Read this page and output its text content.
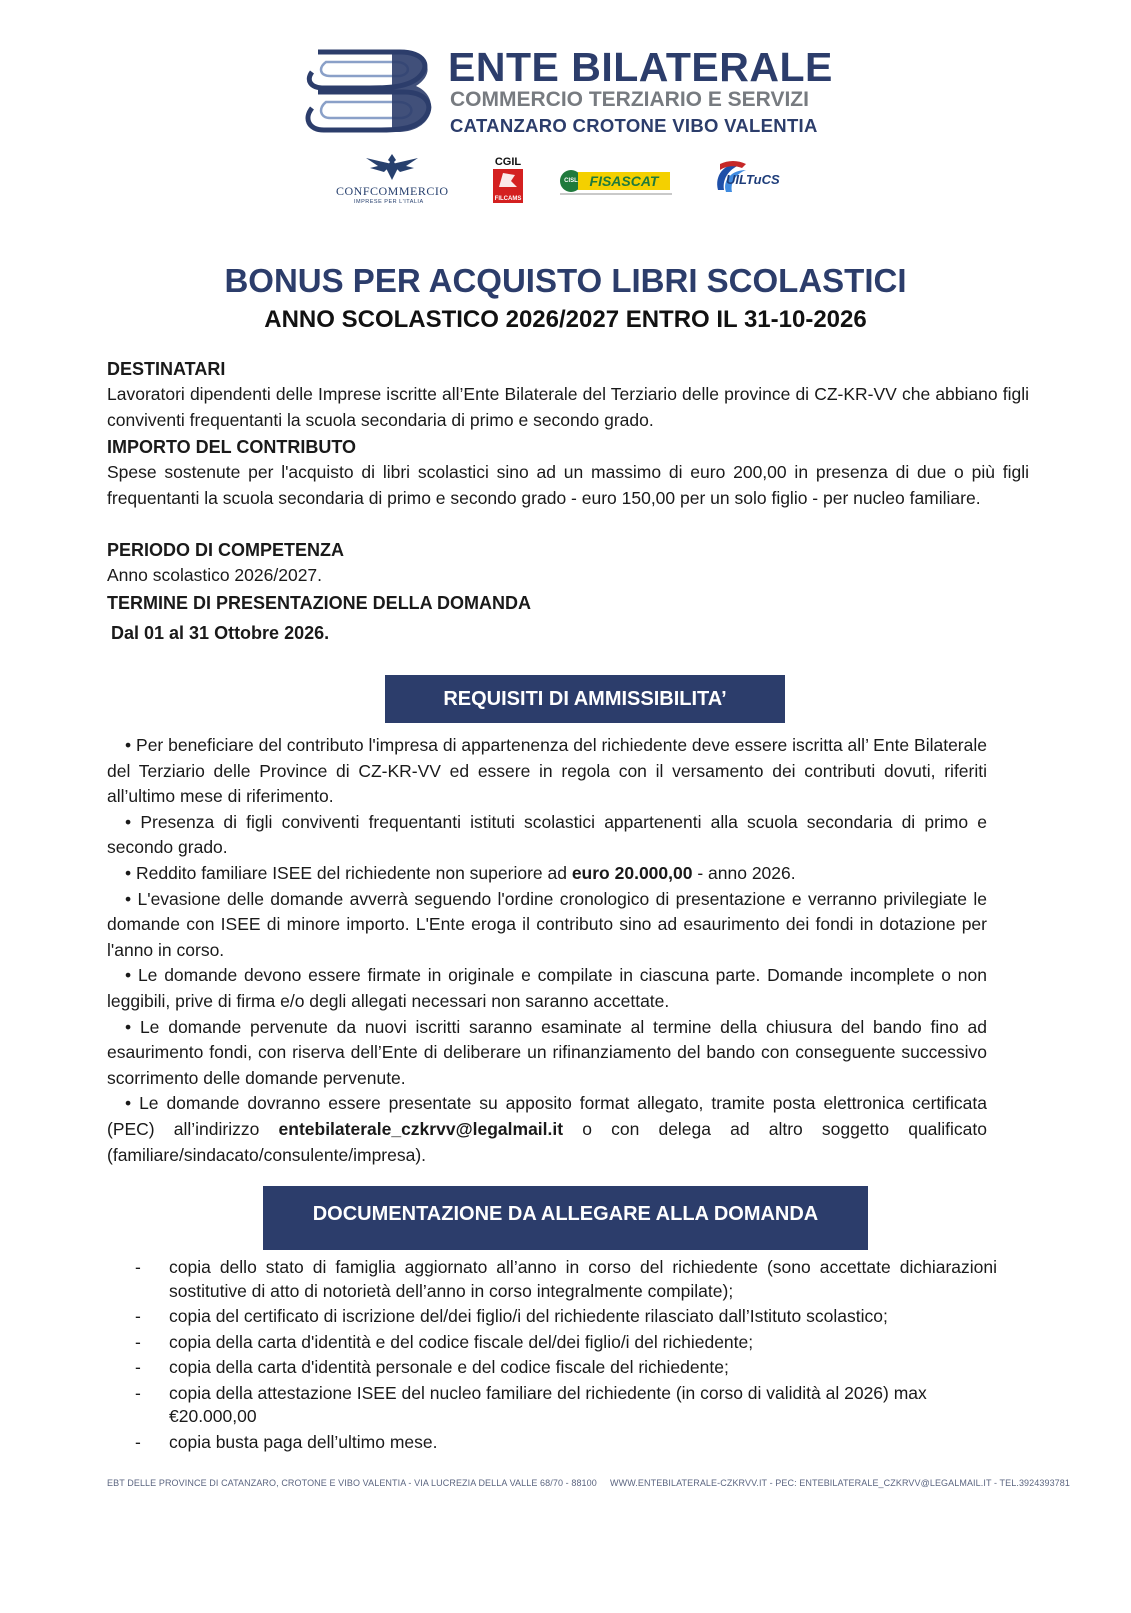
ENTE BILATERALE
COMMERCIO TERZIARIO E SERVIZI
CATANZARO CROTONE VIBO VALENTIA
CONFCOMMERCIO
IMPRESE PER L'ITALIA
CGIL
FILCAMS
CISL FISASCAT	UILTuCS
BONUS PER ACQUISTO LIBRI SCOLASTICI
ANNO SCOLASTICO 2026/2027 ENTRO IL 31-10-2026
DESTINATARI
Lavoratori dipendenti delle Imprese iscritte all’Ente Bilaterale del Terziario delle province di CZ-KR-VV che abbiano figli conviventi frequentanti la scuola secondaria di primo e secondo grado.
IMPORTO DEL CONTRIBUTO
Spese sostenute per l'acquisto di libri scolastici sino ad un massimo di euro 200,00 in presenza di due o più figli frequentanti la scuola secondaria di primo e secondo grado - euro 150,00 per un solo figlio - per nucleo familiare.
PERIODO DI COMPETENZA
Anno scolastico 2026/2027.
TERMINE DI PRESENTAZIONE DELLA DOMANDA
Dal 01 al 31 Ottobre 2026.
REQUISITI DI AMMISSIBILITA’

• Per beneficiare del contributo l'impresa di appartenenza del richiedente deve essere iscritta all’ Ente Bilaterale del Terziario delle Province di CZ-KR-VV ed essere in regola con il versamento dei contributi dovuti, riferiti all’ultimo mese di riferimento.

• Presenza di figli conviventi frequentanti istituti scolastici appartenenti alla scuola secondaria di primo e secondo grado.

• Reddito familiare ISEE del richiedente non superiore ad euro 20.000,00 - anno 2026.

• L'evasione delle domande avverrà seguendo l'ordine cronologico di presentazione e verranno privilegiate le domande con ISEE di minore importo. L'Ente eroga il contributo sino ad esaurimento dei fondi in dotazione per l'anno in corso.

• Le domande devono essere firmate in originale e compilate in ciascuna parte. Domande incomplete o non leggibili, prive di firma e/o degli allegati necessari non saranno accettate.

• Le domande pervenute da nuovi iscritti saranno esaminate al termine della chiusura del bando fino ad esaurimento fondi, con riserva dell’Ente di deliberare un rifinanziamento del bando con conseguente successivo scorrimento delle domande pervenute.

• Le domande dovranno essere presentate su apposito format allegato, tramite posta elettronica certificata (PEC) all’indirizzo entebilaterale_czkrvv@legalmail.it o con delega ad altro soggetto qualificato (familiare/sindacato/consulente/impresa).

DOCUMENTAZIONE DA ALLEGARE ALLA DOMANDA
-	copia dello stato di famiglia aggiornato all’anno in corso del richiedente (sono accettate dichiarazioni sostitutive di atto di notorietà dell’anno in corso integralmente compilate);
-	copia del certificato di iscrizione del/dei figlio/i del richiedente rilasciato dall’Istituto scolastico;
-	copia della carta d'identità e del codice fiscale del/dei figlio/i del richiedente;
-	copia della carta d'identità personale e del codice fiscale del richiedente;
-	copia della attestazione ISEE del nucleo familiare del richiedente (in corso di validità al 2026) max €20.000,00
-	copia busta paga dell’ultimo mese.
EBT DELLE PROVINCE DI CATANZARO, CROTONE E VIBO VALENTIA - VIA LUCREZIA DELLA VALLE 68/70 - 88100 WWW.ENTEBILATERALE-CZKRVV.IT - PEC: ENTEBILATERALE_CZKRVV@LEGALMAIL.IT - TEL.3924393781
